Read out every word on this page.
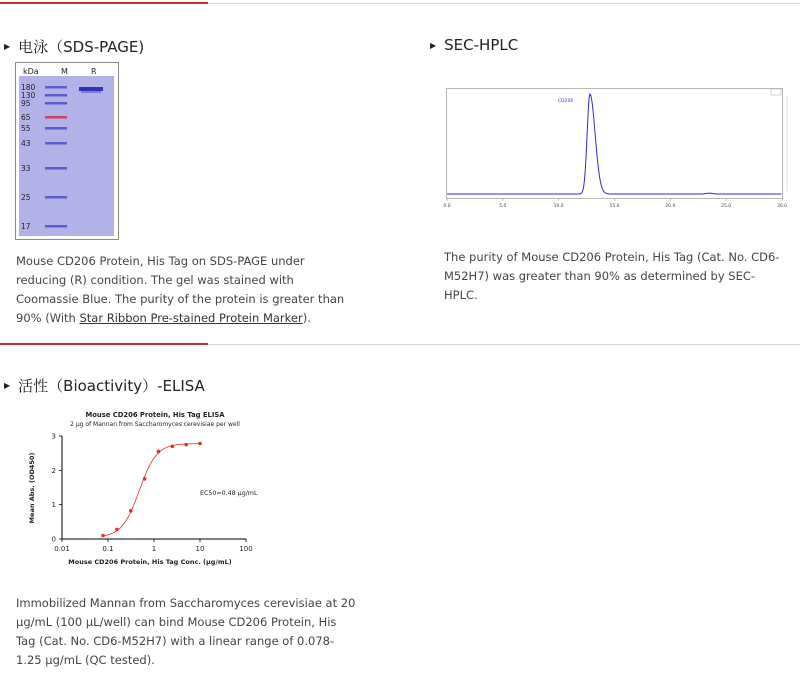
▶ 电泳（SDS-PAGE)
kDa	M	R
180
130
95
65
55
43
33
25
17
Mouse CD206 Protein, His Tag on SDS-PAGE under reducing (R) condition. The gel was stained with Coomassie Blue. The purity of the protein is greater than 90% (With Star Ribbon Pre-stained Protein Marker).
▶ SEC-HPLC
CD206
0.0	5.0	10.0	15.0	20.0	25.0	30.0
The purity of Mouse CD206 Protein, His Tag (Cat. No. CD6-M52H7) was greater than 90% as determined by SEC-HPLC.
▶ 活性（Bioactivity）-ELISA
Mouse CD206 Protein, His Tag ELISA
2 μg of Mannan from Saccharomyces cerevisiae per well
0
1
2
3
0.01	0.1	1	10	100
EC50=0.48 μg/mL
Mouse CD206 Protein, His Tag Conc. (μg/mL)
Mean Abs. (OD450)
Immobilized Mannan from Saccharomyces cerevisiae at 20 μg/mL (100 μL/well) can bind Mouse CD206 Protein, His Tag (Cat. No. CD6-M52H7) with a linear range of 0.078-1.25 μg/mL (QC tested).
